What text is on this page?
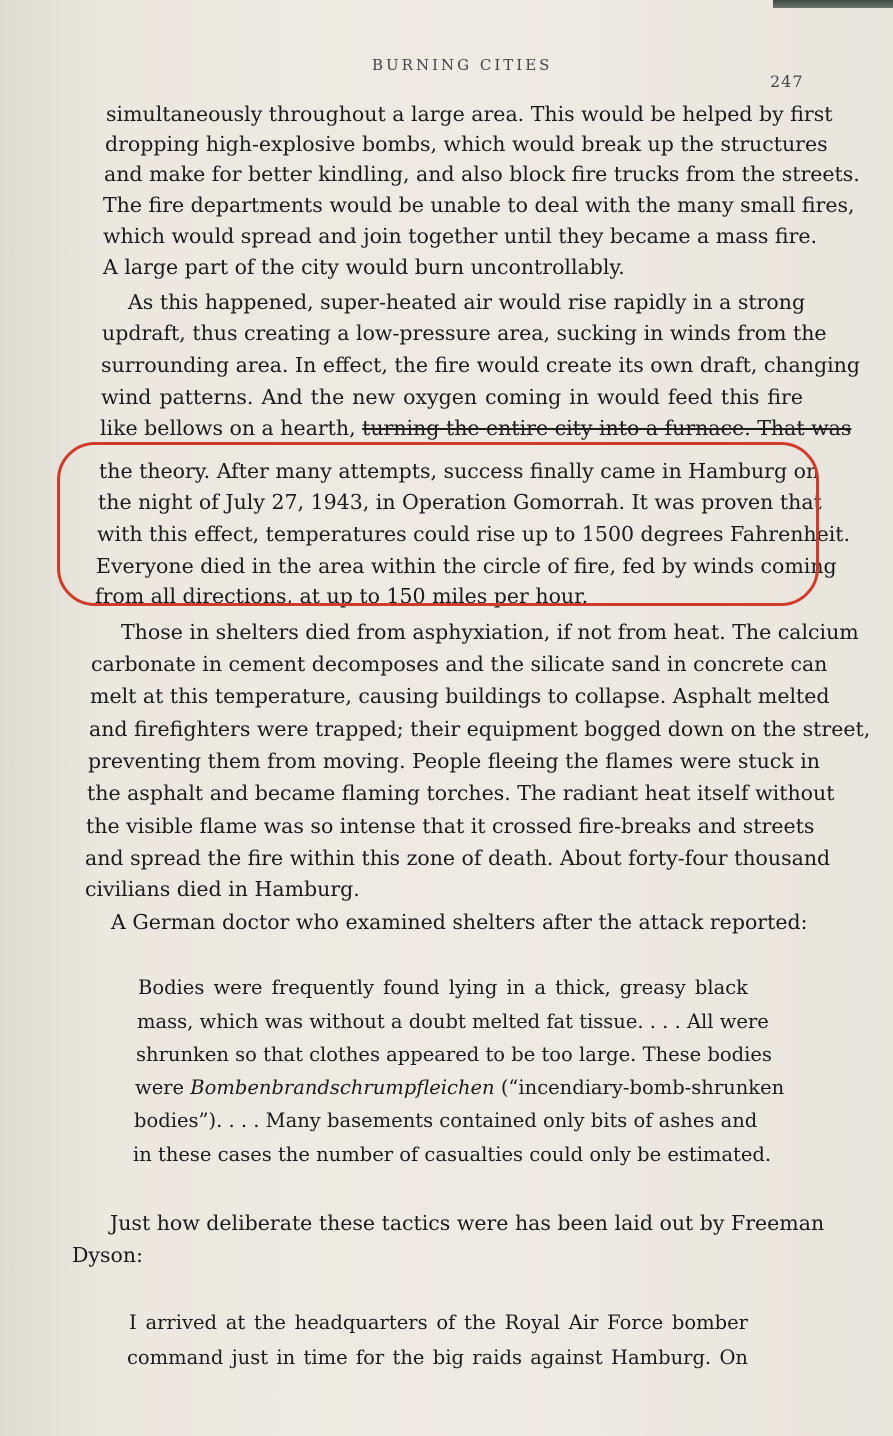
BURNING CITIES
247

simultaneously throughout a large area. This would be helped by first

dropping high-explosive bombs, which would break up the structures

and make for better kindling, and also block fire trucks from the streets.

The fire departments would be unable to deal with the many small fires,

which would spread and join together until they became a mass fire.

A large part of the city would burn uncontrollably.

As this happened, super-heated air would rise rapidly in a strong

updraft, thus creating a low-pressure area, sucking in winds from the

surrounding area. In effect, the fire would create its own draft, changing

wind patterns. And the new oxygen coming in would feed this fire

like bellows on a hearth, turning the entire city into a furnace. That was

the theory. After many attempts, success finally came in Hamburg on

the night of July 27, 1943, in Operation Gomorrah. It was proven that

with this effect, temperatures could rise up to 1500 degrees Fahrenheit.

Everyone died in the area within the circle of fire, fed by winds coming

from all directions, at up to 150 miles per hour.

Those in shelters died from asphyxiation, if not from heat. The calcium

carbonate in cement decomposes and the silicate sand in concrete can

melt at this temperature, causing buildings to collapse. Asphalt melted

and firefighters were trapped; their equipment bogged down on the street,

preventing them from moving. People fleeing the flames were stuck in

the asphalt and became flaming torches. The radiant heat itself without

the visible flame was so intense that it crossed fire-breaks and streets

and spread the fire within this zone of death. About forty-four thousand

civilians died in Hamburg.

A German doctor who examined shelters after the attack reported:

Bodies were frequently found lying in a thick, greasy black

mass, which was without a doubt melted fat tissue. . . . All were

shrunken so that clothes appeared to be too large. These bodies

were Bombenbrandschrumpfleichen (“incendiary-bomb-shrunken

bodies”). . . . Many basements contained only bits of ashes and

in these cases the number of casualties could only be estimated.

Just how deliberate these tactics were has been laid out by Freeman

Dyson:

I arrived at the headquarters of the Royal Air Force bomber

command just in time for the big raids against Hamburg. On
